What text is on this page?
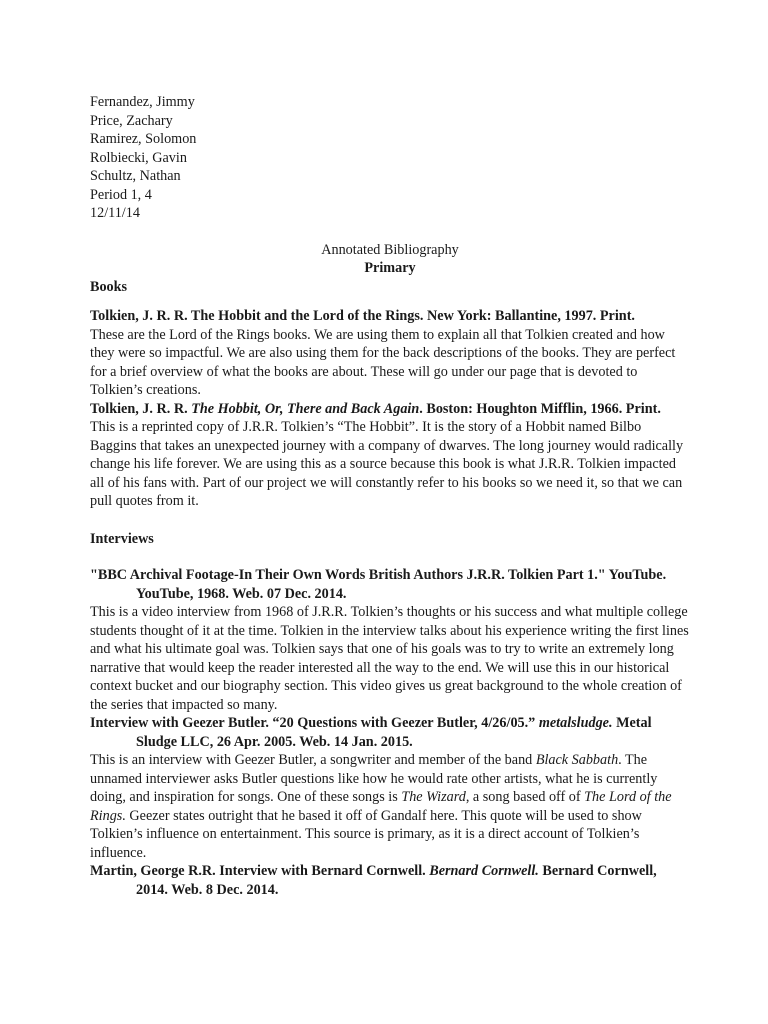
Fernandez, Jimmy
Price, Zachary
Ramirez, Solomon
Rolbiecki, Gavin
Schultz, Nathan
Period 1, 4
12/11/14
Annotated Bibliography
Primary
Books
Tolkien, J. R. R. The Hobbit and the Lord of the Rings. New York: Ballantine, 1997. Print.
These are the Lord of the Rings books. We are using them to explain all that Tolkien created and how they were so impactful. We are also using them for the back descriptions of the books. They are perfect for a brief overview of what the books are about. These will go under our page that is devoted to Tolkien’s creations.
Tolkien, J. R. R. The Hobbit, Or, There and Back Again. Boston: Houghton Mifflin, 1966. Print.
This is a reprinted copy of J.R.R. Tolkien’s “The Hobbit”. It is the story of a Hobbit named Bilbo Baggins that takes an unexpected journey with a company of dwarves. The long journey would radically change his life forever. We are using this as a source because this book is what J.R.R. Tolkien impacted all of his fans with. Part of our project we will constantly refer to his books so we need it, so that we can pull quotes from it.
Interviews
"BBC Archival Footage-In Their Own Words British Authors J.R.R. Tolkien Part 1." YouTube. YouTube, 1968. Web. 07 Dec. 2014.
This is a video interview from 1968 of J.R.R. Tolkien’s thoughts or his success and what multiple college students thought of it at the time. Tolkien in the interview talks about his experience writing the first lines and what his ultimate goal was. Tolkien says that one of his goals was to try to write an extremely long narrative that would keep the reader interested all the way to the end. We will use this in our historical context bucket and our biography section. This video gives us great background to the whole creation of the series that impacted so many.
Interview with Geezer Butler. “20 Questions with Geezer Butler, 4/26/05.” metalsludge. Metal Sludge LLC, 26 Apr. 2005. Web. 14 Jan. 2015.
This is an interview with Geezer Butler, a songwriter and member of the band Black Sabbath. The unnamed interviewer asks Butler questions like how he would rate other artists, what he is currently doing, and inspiration for songs. One of these songs is The Wizard, a song based off of The Lord of the Rings. Geezer states outright that he based it off of Gandalf here. This quote will be used to show Tolkien’s influence on entertainment. This source is primary, as it is a direct account of Tolkien’s influence.
Martin, George R.R. Interview with Bernard Cornwell. Bernard Cornwell. Bernard Cornwell, 2014. Web. 8 Dec. 2014.
